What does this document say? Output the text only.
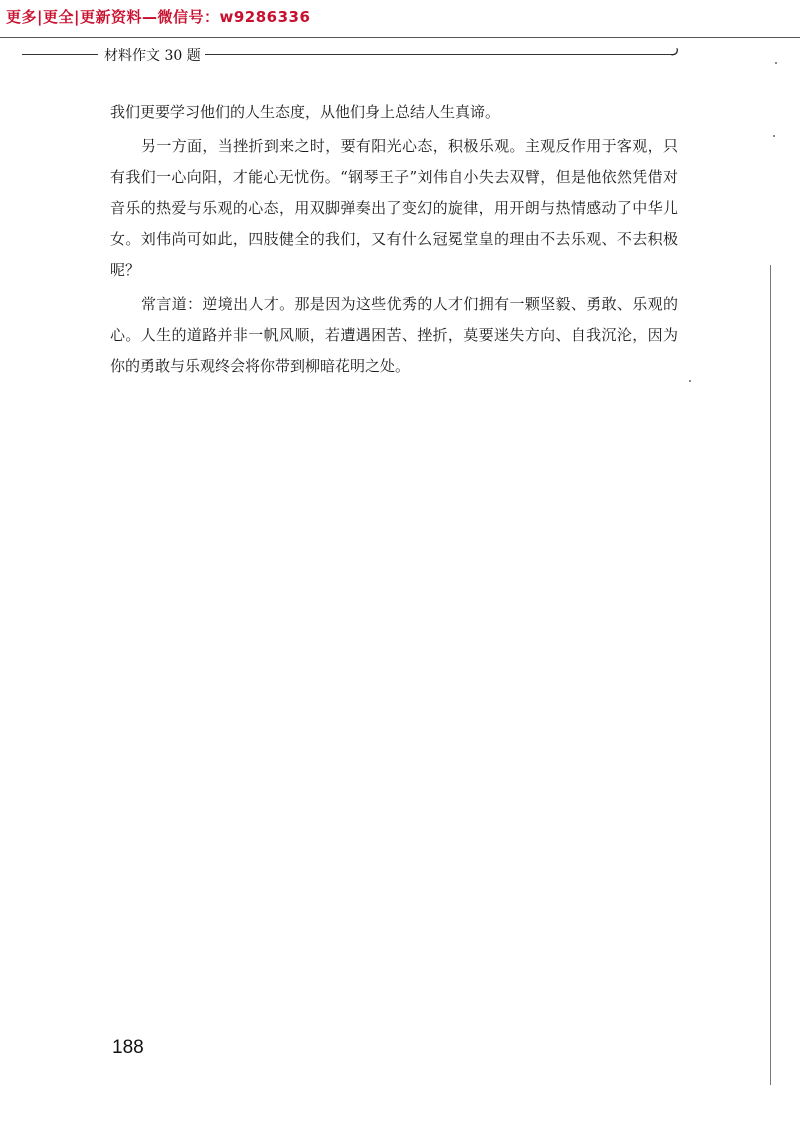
更多|更全|更新资料—微信号：w9286336
材料作文 30 题	ر

我们更要学习他们的人生态度，从他们身上总结人生真谛。

另一方面，当挫折到来之时，要有阳光心态，积极乐观。主观反作用于客观，只有我们一心向阳，才能心无忧伤。“钢琴王子”刘伟自小失去双臂，但是他依然凭借对音乐的热爱与乐观的心态，用双脚弹奏出了变幻的旋律，用开朗与热情感动了中华儿女。刘伟尚可如此，四肢健全的我们，又有什么冠冕堂皇的理由不去乐观、不去积极呢？

常言道：逆境出人才。那是因为这些优秀的人才们拥有一颗坚毅、勇敢、乐观的心。人生的道路并非一帆风顺，若遭遇困苦、挫折，莫要迷失方向、自我沉沦，因为你的勇敢与乐观终会将你带到柳暗花明之处。

188
